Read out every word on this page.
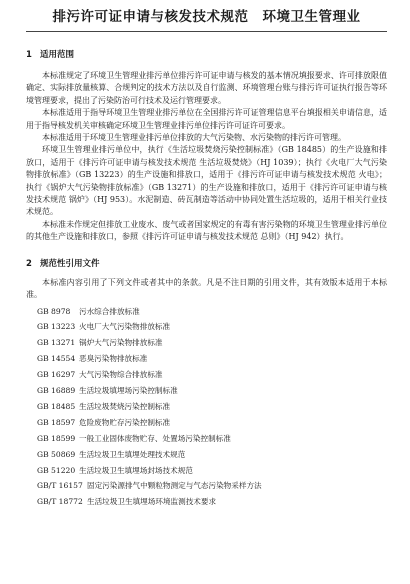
排污许可证申请与核发技术规范　环境卫生管理业
1 适用范围

本标准规定了环境卫生管理业排污单位排污许可证申请与核发的基本情况填报要求、许可排放限值确定、实际排放量核算、合规判定的技术方法以及自行监测、环境管理台账与排污许可证执行报告等环境管理要求，提出了污染防治可行技术及运行管理要求。

本标准适用于指导环境卫生管理业排污单位在全国排污许可证管理信息平台填报相关申请信息，适用于指导核发机关审核确定环境卫生管理业排污单位排污许可证许可要求。

本标准适用于环境卫生管理业排污单位排放的大气污染物、水污染物的排污许可管理。

环境卫生管理业排污单位中，执行《生活垃圾焚烧污染控制标准》（GB 18485）的生产设施和排放口，适用于《排污许可证申请与核发技术规范 生活垃圾焚烧》（HJ 1039）；执行《火电厂大气污染物排放标准》（GB 13223）的生产设施和排放口，适用于《排污许可证申请与核发技术规范 火电》；执行《锅炉大气污染物排放标准》（GB 13271）的生产设施和排放口，适用于《排污许可证申请与核发技术规范 锅炉》（HJ 953）。水泥制造、砖瓦制造等活动中协同处置生活垃圾的，适用于相关行业技术规范。

本标准未作规定但排放工业废水、废气或者国家规定的有毒有害污染物的环境卫生管理业排污单位的其他生产设施和排放口，参照《排污许可证申请与核发技术规范 总则》（HJ 942）执行。

2 规范性引用文件

本标准内容引用了下列文件或者其中的条款。凡是不注日期的引用文件，其有效版本适用于本标准。

GB 8978 污水综合排放标准
GB 13223 火电厂大气污染物排放标准
GB 13271 锅炉大气污染物排放标准
GB 14554 恶臭污染物排放标准
GB 16297 大气污染物综合排放标准
GB 16889 生活垃圾填埋场污染控制标准
GB 18485 生活垃圾焚烧污染控制标准
GB 18597 危险废物贮存污染控制标准
GB 18599 一般工业固体废物贮存、处置场污染控制标准
GB 50869 生活垃圾卫生填埋处理技术规范
GB 51220 生活垃圾卫生填埋场封场技术规范
GB/T 16157 固定污染源排气中颗粒物测定与气态污染物采样方法
GB/T 18772 生活垃圾卫生填埋场环境监测技术要求
